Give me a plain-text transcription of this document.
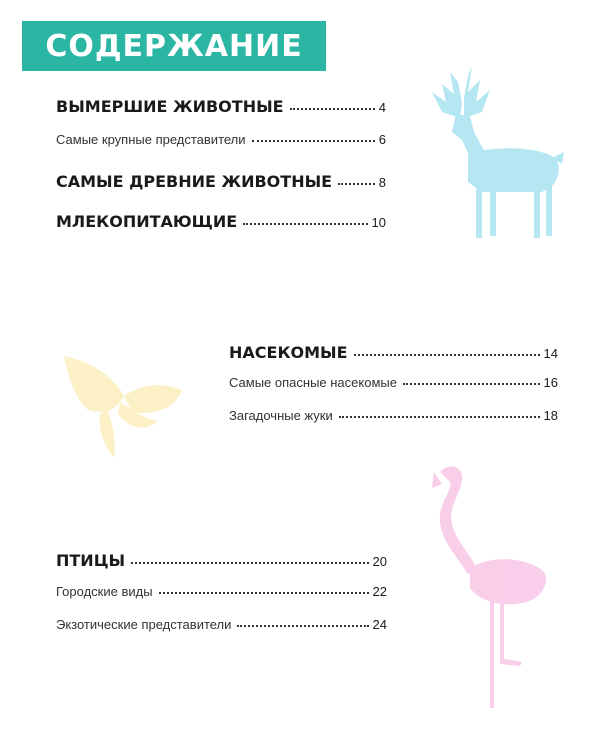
СОДЕРЖАНИЕ
ВЫМЕРШИЕ ЖИВОТНЫЕ	4
Самые крупные представители	6
САМЫЕ ДРЕВНИЕ ЖИВОТНЫЕ	8
МЛЕКОПИТАЮЩИЕ	10
НАСЕКОМЫЕ	14
Самые опасные насекомые	16
Загадочные жуки	18
ПТИЦЫ	20
Городские виды	22
Экзотические представители	24
